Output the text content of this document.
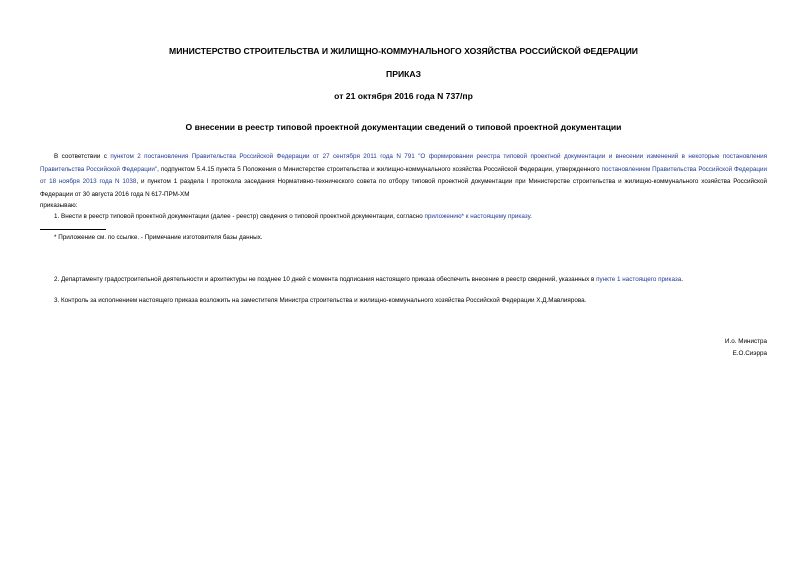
МИНИСТЕРСТВО СТРОИТЕЛЬСТВА И ЖИЛИЩНО-КОММУНАЛЬНОГО ХОЗЯЙСТВА РОССИЙСКОЙ ФЕДЕРАЦИИ
ПРИКАЗ
от 21 октября 2016 года N 737/пр
О внесении в реестр типовой проектной документации сведений о типовой проектной документации
В соответствии с пунктом 2 постановления Правительства Российской Федерации от 27 сентября 2011 года N 791 "О формировании реестра типовой проектной документации и внесении изменений в некоторые постановления Правительства Российской Федерации", подпунктом 5.4.15 пункта 5 Положения о Министерстве строительства и жилищно-коммунального хозяйства Российской Федерации, утвержденного постановлением Правительства Российской Федерации от 18 ноября 2013 года N 1038, и пунктом 1 раздела I протокола заседания Нормативно-технического совета по отбору типовой проектной документации при Министерстве строительства и жилищно-коммунального хозяйства Российской Федерации от 30 августа 2016 года N 617-ПРМ-ХМ
приказываю:
1. Внести в реестр типовой проектной документации (далее - реестр) сведения о типовой проектной документации, согласно приложению* к настоящему приказу.
* Приложение см. по ссылке. - Примечание изготовителя базы данных.
2. Департаменту градостроительной деятельности и архитектуры не позднее 10 дней с момента подписания настоящего приказа обеспечить внесение в реестр сведений, указанных в пункте 1 настоящего приказа.
3. Контроль за исполнением настоящего приказа возложить на заместителя Министра строительства и жилищно-коммунального хозяйства Российской Федерации Х.Д.Мавлиярова.
И.о. Министра
Е.О.Сиэрра
